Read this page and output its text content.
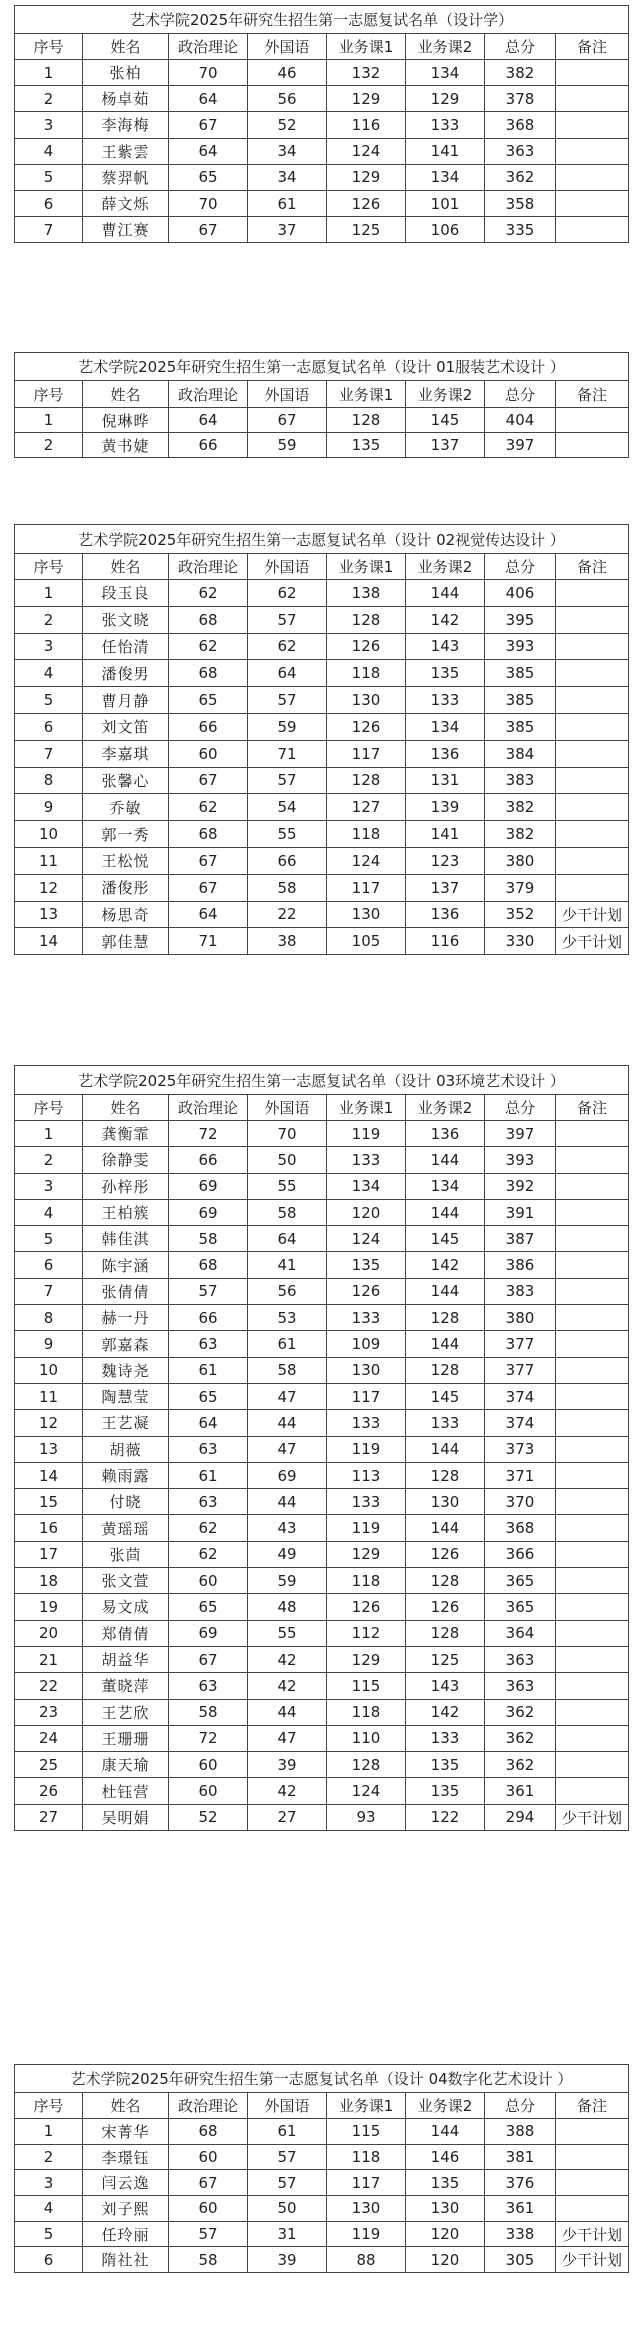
艺术学院2025年研究生招生第一志愿复试名单（设计学）							
序号	姓名	政治理论	外国语	业务课1	业务课2	总分	备注
1	张柏	70	46	132	134	382	
2	杨卓茹	64	56	129	129	378	
3	李海梅	67	52	116	133	368	
4	王紫雲	64	34	124	141	363	
5	蔡羿帆	65	34	129	134	362	
6	薛文烁	70	61	126	101	358	
7	曹江赛	67	37	125	106	335	
艺术学院2025年研究生招生第一志愿复试名单（设计 01服装艺术设计 ）							
序号	姓名	政治理论	外国语	业务课1	业务课2	总分	备注
1	倪琳晔	64	67	128	145	404	
2	黄书婕	66	59	135	137	397	
艺术学院2025年研究生招生第一志愿复试名单（设计 02视觉传达设计 ）							
序号	姓名	政治理论	外国语	业务课1	业务课2	总分	备注
1	段玉良	62	62	138	144	406	
2	张文晓	68	57	128	142	395	
3	任怡清	62	62	126	143	393	
4	潘俊男	68	64	118	135	385	
5	曹月静	65	57	130	133	385	
6	刘文笛	66	59	126	134	385	
7	李嘉琪	60	71	117	136	384	
8	张馨心	67	57	128	131	383	
9	乔敏	62	54	127	139	382	
10	郭一秀	68	55	118	141	382	
11	王松悦	67	66	124	123	380	
12	潘俊彤	67	58	117	137	379	
13	杨思奇	64	22	130	136	352	少干计划
14	郭佳慧	71	38	105	116	330	少干计划
艺术学院2025年研究生招生第一志愿复试名单（设计 03环境艺术设计 ）							
序号	姓名	政治理论	外国语	业务课1	业务课2	总分	备注
1	龚衡霏	72	70	119	136	397	
2	徐静雯	66	50	133	144	393	
3	孙梓彤	69	55	134	134	392	
4	王柏簇	69	58	120	144	391	
5	韩佳淇	58	64	124	145	387	
6	陈宇涵	68	41	135	142	386	
7	张倩倩	57	56	126	144	383	
8	赫一丹	66	53	133	128	380	
9	郭嘉森	63	61	109	144	377	
10	魏诗尧	61	58	130	128	377	
11	陶慧莹	65	47	117	145	374	
12	王艺凝	64	44	133	133	374	
13	胡薇	63	47	119	144	373	
14	赖雨露	61	69	113	128	371	
15	付晓	63	44	133	130	370	
16	黄瑶瑶	62	43	119	144	368	
17	张茴	62	49	129	126	366	
18	张文萱	60	59	118	128	365	
19	易文成	65	48	126	126	365	
20	郑倩倩	69	55	112	128	364	
21	胡益华	67	42	129	125	363	
22	董晓萍	63	42	115	143	363	
23	王艺欣	58	44	118	142	362	
24	王珊珊	72	47	110	133	362	
25	康天瑜	60	39	128	135	362	
26	杜钰营	60	42	124	135	361	
27	吴明娟	52	27	93	122	294	少干计划
艺术学院2025年研究生招生第一志愿复试名单（设计 04数字化艺术设计 ）							
序号	姓名	政治理论	外国语	业务课1	业务课2	总分	备注
1	宋菁华	68	61	115	144	388	
2	李璟钰	60	57	118	146	381	
3	闫云逸	67	57	117	135	376	
4	刘子熙	60	50	130	130	361	
5	任玲丽	57	31	119	120	338	少干计划
6	隋社社	58	39	88	120	305	少干计划
